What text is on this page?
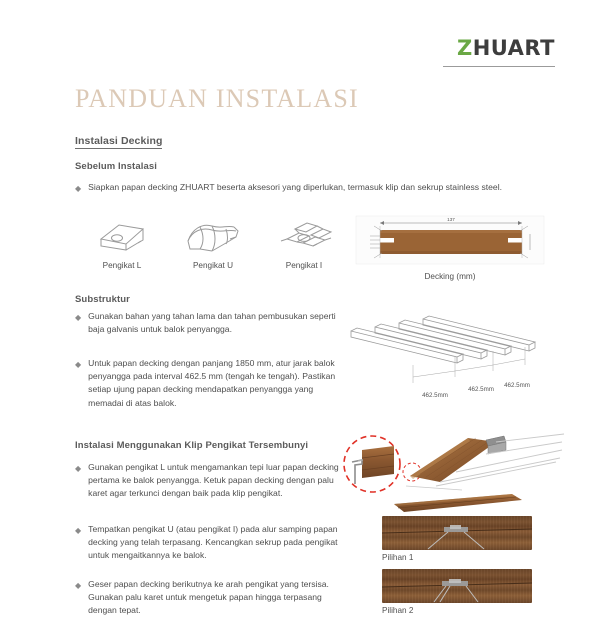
ZHUART
PANDUAN INSTALASI
Instalasi Decking
Sebelum Instalasi
◆ Siapkan papan decking ZHUART beserta aksesori yang diperlukan, termasuk klip dan sekrup stainless steel.
Pengikat L	Pengikat U	Pengikat I
137
Decking (mm)
Substruktur
◆ Gunakan bahan yang tahan lama dan tahan pembusukan seperti baja galvanis untuk balok penyangga.
◆ Untuk papan decking dengan panjang 1850 mm, atur jarak balok penyangga pada interval 462.5 mm (tengah ke tengah). Pastikan setiap ujung papan decking mendapatkan penyangga yang memadai di atas balok.
462.5mm
462.5mm
462.5mm
Instalasi Menggunakan Klip Pengikat Tersembunyi
◆ Gunakan pengikat L untuk mengamankan tepi luar papan decking pertama ke balok penyangga. Ketuk papan decking dengan palu karet agar terkunci dengan baik pada klip pengikat.
◆ Tempatkan pengikat U (atau pengikat I) pada alur samping papan decking yang telah terpasang. Kencangkan sekrup pada pengikat untuk mengaitkannya ke balok.
◆ Geser papan decking berikutnya ke arah pengikat yang tersisa. Gunakan palu karet untuk mengetuk papan hingga terpasang dengan tepat.
Pilihan 1
Pilihan 2
